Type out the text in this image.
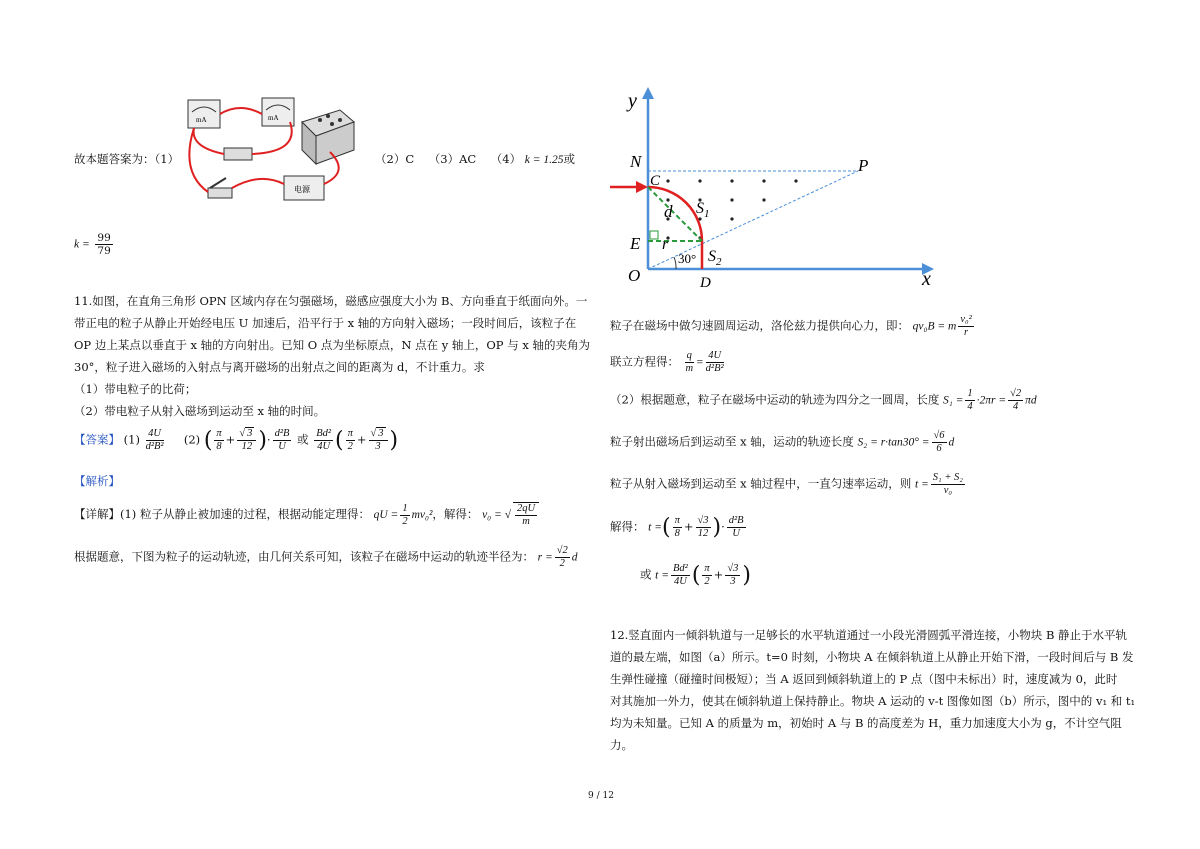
mA	mA
电源
故本题答案为：（1）	（2）C （3）AC （4） k = 1.25或
$k = \frac{99}{79}$
11.如图，在直角三角形 OPN 区域内存在匀强磁场，磁感应强度大小为 B、方向垂直于纸面向外。一
带正电的粒子从静止开始经电压 U 加速后，沿平行于 x 轴的方向射入磁场；一段时间后，该粒子在
OP 边上某点以垂直于 x 轴的方向射出。已知 O 点为坐标原点，N 点在 y 轴上，OP 与 x 轴的夹角为
30°，粒子进入磁场的入射点与离开磁场的出射点之间的距离为 d，不计重力。求
（1）带电粒子的比荷；
（2）带电粒子从射入磁场到运动至 x 轴的时间。
【答案】 $(1) \frac{4U}{\text{d²B²}} (2)$ ( $\frac{\pi}{8} + \frac{√ 3}{12}$ )· $\frac{\text{d²B}}{U}$ 或 $\frac{\text{Bd²}}{4U}$ ( $\frac{\pi}{2} + \frac{√ 3}{3}$ )
【解析】
【详解】(1) 粒子从静止被加速的过程，根据动能定理得： qU = $\frac{1}{2} mv_0^2$，解得： v₀ = √ $\frac{2qU}{m}$
根据题意，下图为粒子的运动轨迹，由几何关系可知，该粒子在磁场中运动的轨迹半径为： $r = \frac{√2}{2}$ d
y
x
N
C
P
E
O	D
d
r
$S_1$
$S_2$
30°
粒子在磁场中做匀速圆周运动，洛伦兹力提供向心力，即： qv₀B = m $\frac{\text{v₀²}}{r}$
联立方程得： $\frac{q}{m} = \frac{4U}{\text{d²B²}}$
（2）根据题意，粒子在磁场中运动的轨迹为四分之一圆周，长度 $S_1 = \frac{1}{4} \cdot 2\pi r = \frac{√2}{4}$ πd
粒子射出磁场后到运动至 x 轴，运动的轨迹长度 $S_2 = r\cdot\tan 30^\circ = \frac{√6}{6}$ d
粒子从射入磁场到运动至 x 轴过程中，一直匀速率运动，则 $t = \frac{\text{S₁ + S₂}}{\text{v₀}}$
解得： t =( $\frac{\pi}{8} + \frac{√3}{12}$ )· $\frac{\text{d²B}}{U}$
或 $t = \frac{\text{Bd²}}{4U}$ ( $\frac{\pi}{2} + \frac{√3}{3}$ )
12.竖直面内一倾斜轨道与一足够长的水平轨道通过一小段光滑圆弧平滑连接，小物块 B 静止于水平轨
道的最左端，如图（a）所示。t=0 时刻，小物块 A 在倾斜轨道上从静止开始下滑，一段时间后与 B 发
生弹性碰撞（碰撞时间极短）；当 A 返回到倾斜轨道上的 P 点（图中未标出）时，速度减为 0，此时
对其施加一外力，使其在倾斜轨道上保持静止。物块 A 运动的 v-t 图像如图（b）所示，图中的 v₁ 和 t₁
均为未知量。已知 A 的质量为 m，初始时 A 与 B 的高度差为 H，重力加速度大小为 g，不计空气阻
力。
9 / 12
